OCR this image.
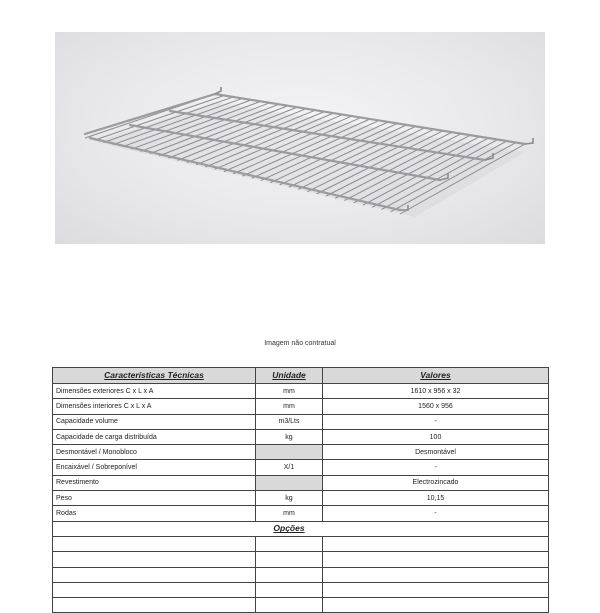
Imagem não contratual
Características Técnicas	Unidade	Valores
Dimensões exteriores C x L x A	mm	1610 x 956 x 32
Dimensões interiores C x L x A	mm	1560 x 956
Capacidade volume	m3/Lts	-
Capacidade de carga distribuída	kg	100
Desmontável / Monobloco		Desmontável
Encaixável / Sobreponível	X/1	-
Revestimento		Electrozincado
Peso	kg	10,15
Rodas	mm	-
	Opções	
